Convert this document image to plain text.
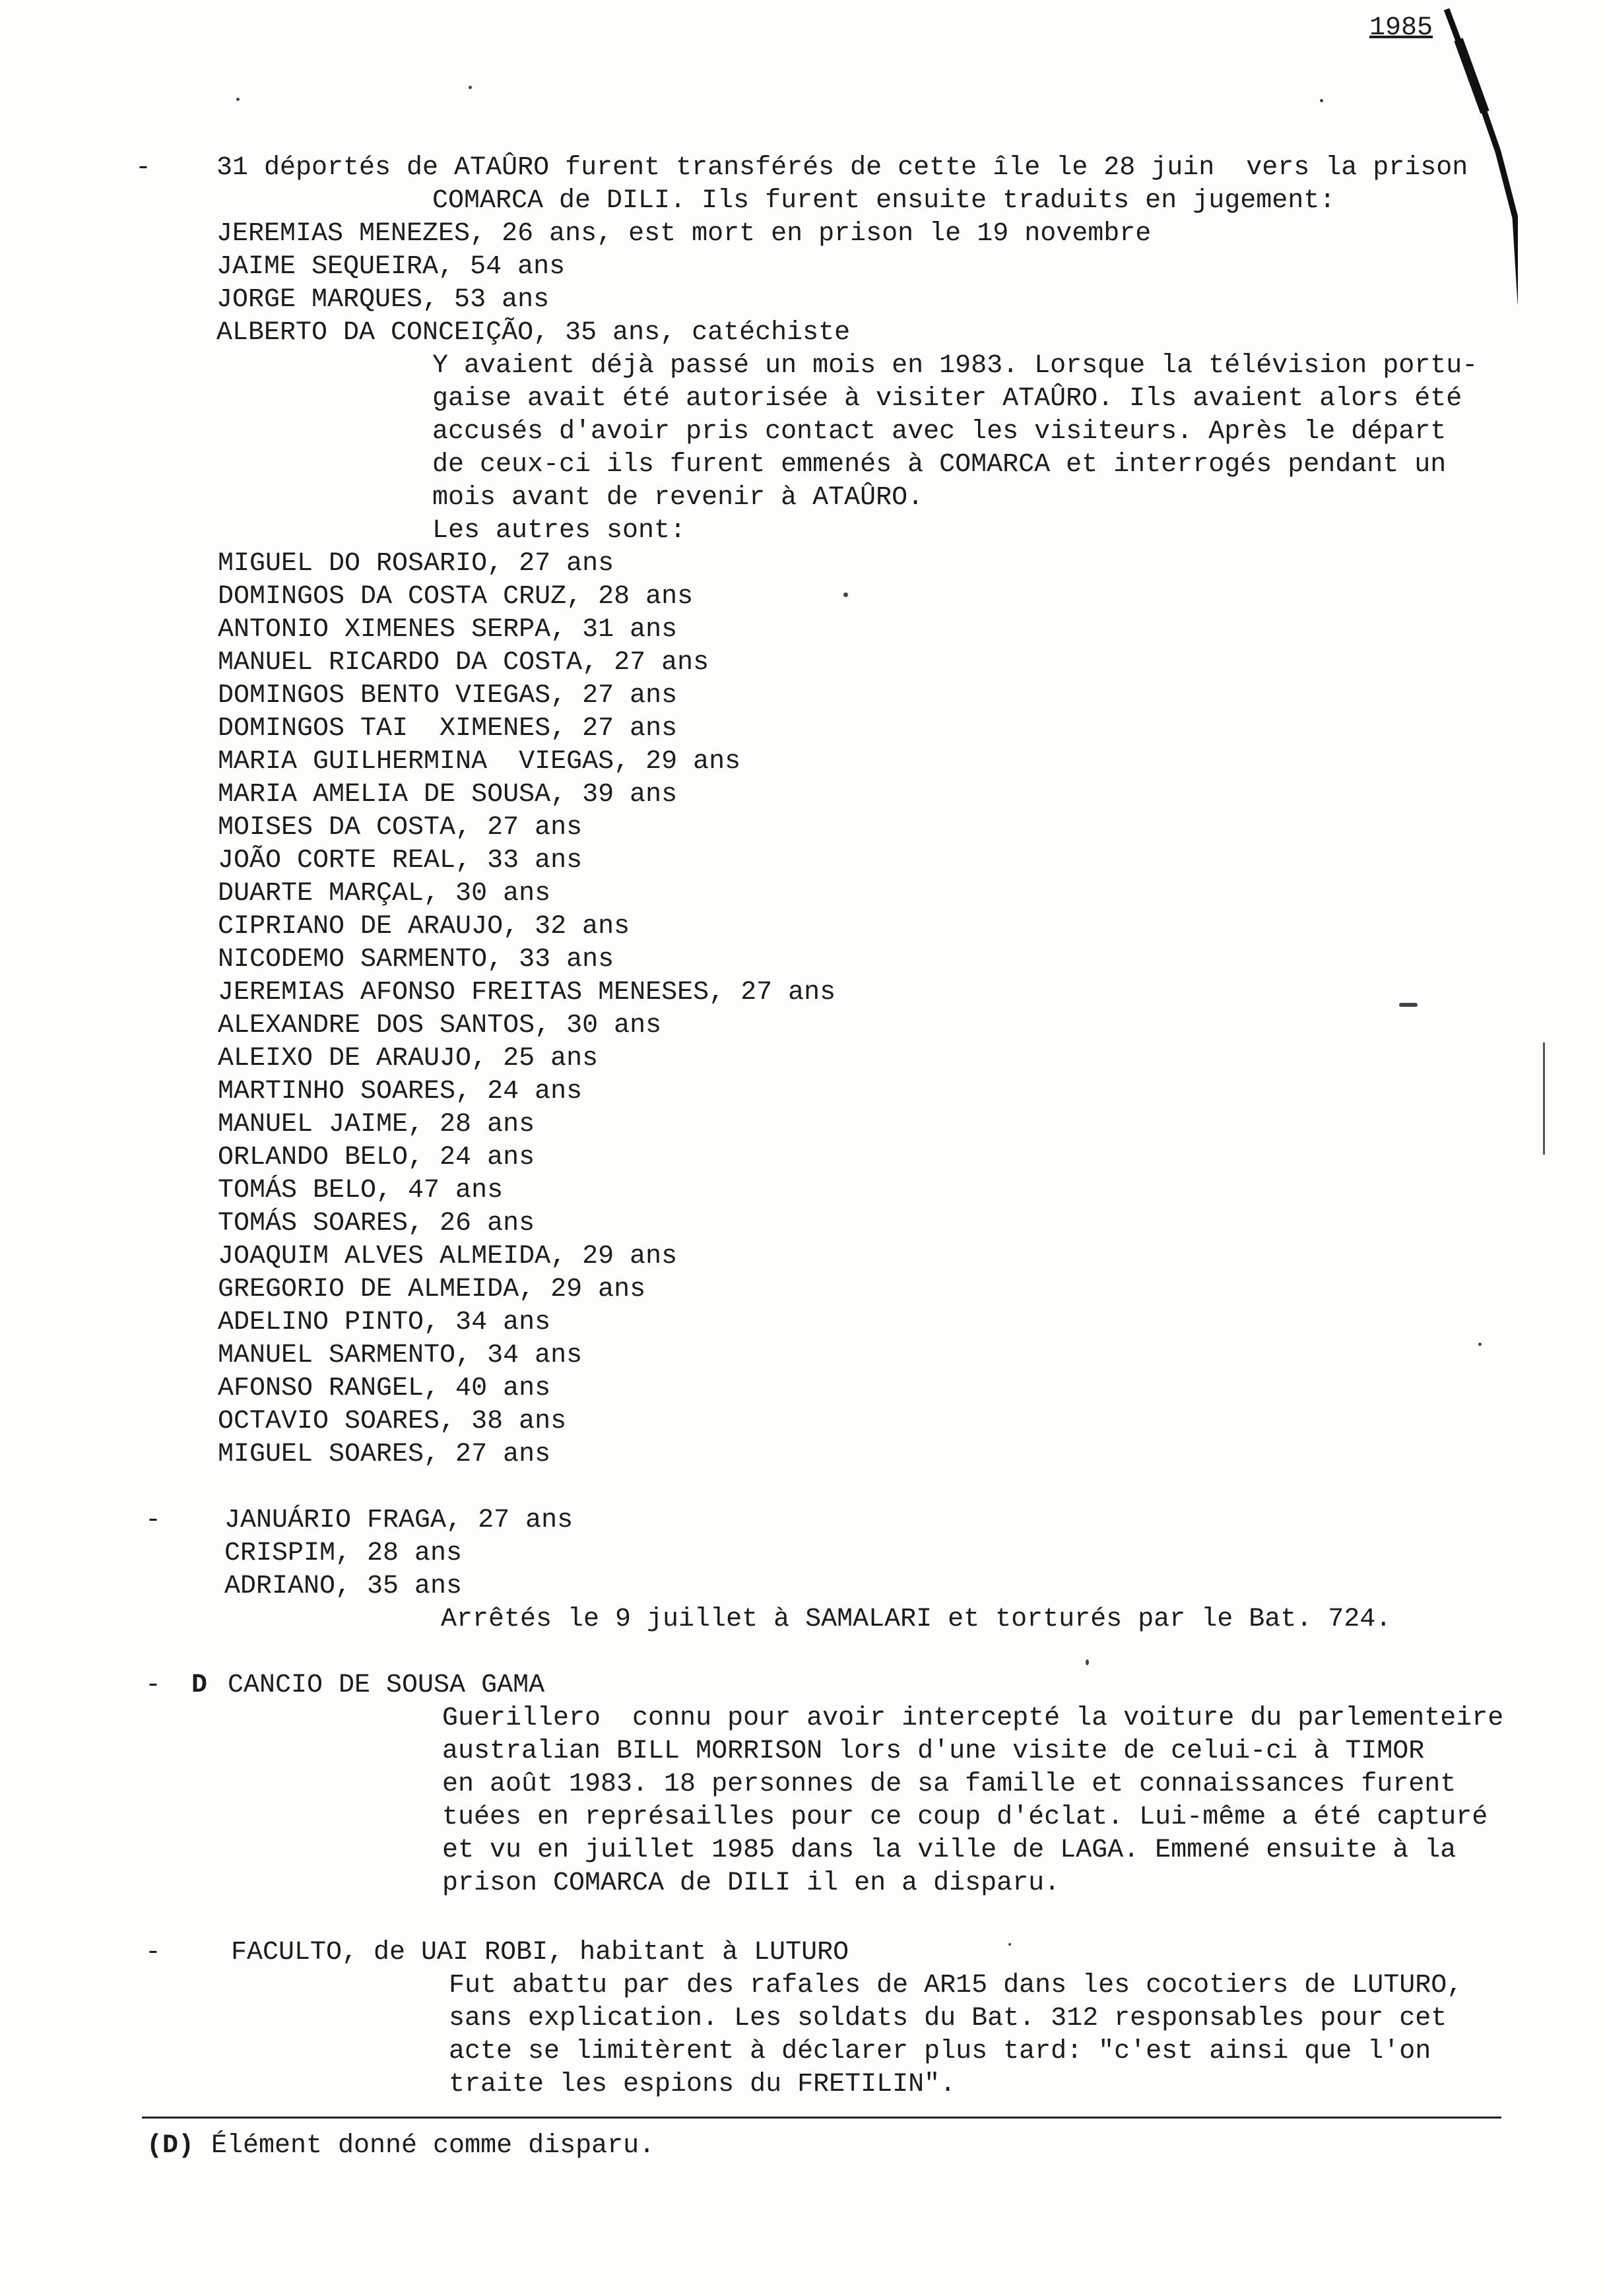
1985
- 31 déportés de ATAÛRO furent transférés de cette île le 28 juin  vers la prison
COMARCA de DILI. Ils furent ensuite traduits en jugement:
JEREMIAS MENEZES, 26 ans, est mort en prison le 19 novembre
JAIME SEQUEIRA, 54 ans
JORGE MARQUES, 53 ans
ALBERTO DA CONCEIÇÃO, 35 ans, catéchiste
Y avaient déjà passé un mois en 1983. Lorsque la télévision portu-
gaise avait été autorisée à visiter ATAÛRO. Ils avaient alors été
accusés d'avoir pris contact avec les visiteurs. Après le départ
de ceux-ci ils furent emmenés à COMARCA et interrogés pendant un
mois avant de revenir à ATAÛRO.
Les autres sont:
MIGUEL DO ROSARIO, 27 ans
DOMINGOS DA COSTA CRUZ, 28 ans
ANTONIO XIMENES SERPA, 31 ans
MANUEL RICARDO DA COSTA, 27 ans
DOMINGOS BENTO VIEGAS, 27 ans
DOMINGOS TAI  XIMENES, 27 ans
MARIA GUILHERMINA  VIEGAS, 29 ans
MARIA AMELIA DE SOUSA, 39 ans
MOISES DA COSTA, 27 ans
JOÃO CORTE REAL, 33 ans
DUARTE MARÇAL, 30 ans
CIPRIANO DE ARAUJO, 32 ans
NICODEMO SARMENTO, 33 ans
JEREMIAS AFONSO FREITAS MENESES, 27 ans
ALEXANDRE DOS SANTOS, 30 ans
ALEIXO DE ARAUJO, 25 ans
MARTINHO SOARES, 24 ans
MANUEL JAIME, 28 ans
ORLANDO BELO, 24 ans
TOMÁS BELO, 47 ans
TOMÁS SOARES, 26 ans
JOAQUIM ALVES ALMEIDA, 29 ans
GREGORIO DE ALMEIDA, 29 ans
ADELINO PINTO, 34 ans
MANUEL SARMENTO, 34 ans
AFONSO RANGEL, 40 ans
OCTAVIO SOARES, 38 ans
MIGUEL SOARES, 27 ans
- JANUÁRIO FRAGA, 27 ans
CRISPIM, 28 ans
ADRIANO, 35 ans
Arrêtés le 9 juillet à SAMALARI et torturés par le Bat. 724.
- D CANCIO DE SOUSA GAMA
Guerillero  connu pour avoir intercepté la voiture du parlementeire
australian BILL MORRISON lors d'une visite de celui-ci à TIMOR
en août 1983. 18 personnes de sa famille et connaissances furent
tuées en représailles pour ce coup d'éclat. Lui-même a été capturé
et vu en juillet 1985 dans la ville de LAGA. Emmené ensuite à la
prison COMARCA de DILI il en a disparu.
-	FACULTO, de UAI ROBI, habitant à LUTURO
Fut abattu par des rafales de AR15 dans les cocotiers de LUTURO,
sans explication. Les soldats du Bat. 312 responsables pour cet
acte se limitèrent à déclarer plus tard: "c'est ainsi que l'on
traite les espions du FRETILIN".
(D) Élément donné comme disparu.
